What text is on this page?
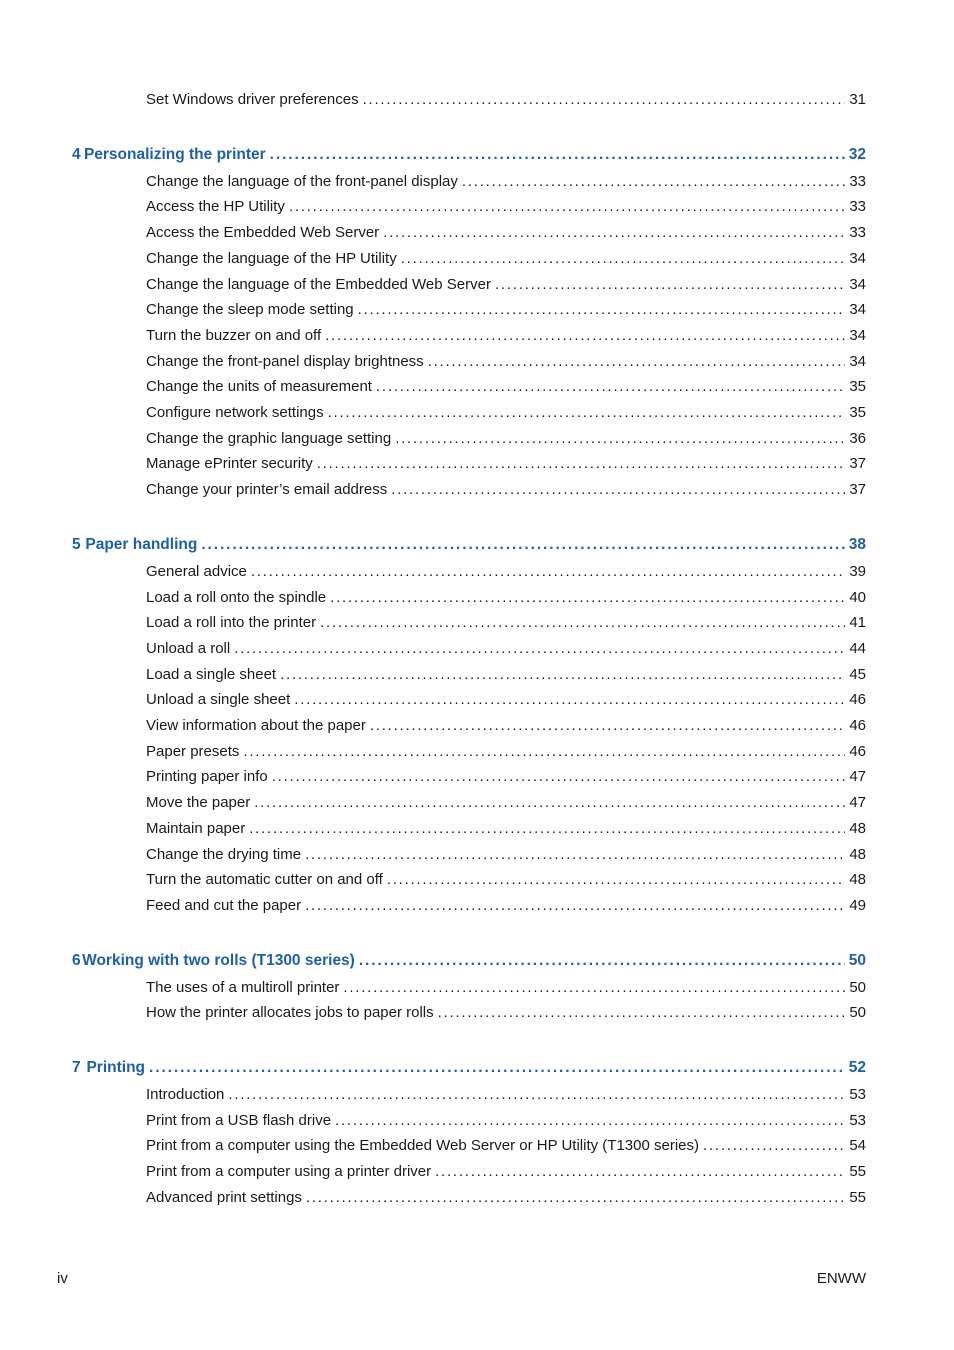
Set Windows driver preferences . . .	31
4 Personalizing the printer . . .	32
Change the language of the front-panel display . . .	33
Access the HP Utility . . .	33
Access the Embedded Web Server . . .	33
Change the language of the HP Utility . . .	34
Change the language of the Embedded Web Server . . .	34
Change the sleep mode setting . . .	34
Turn the buzzer on and off . . .	34
Change the front-panel display brightness . . .	34
Change the units of measurement . . .	35
Configure network settings . . .	35
Change the graphic language setting . . .	36
Manage ePrinter security . . .	37
Change your printer’s email address . . .	37
5 Paper handling . . .	38
General advice . . .	39
Load a roll onto the spindle . . .	40
Load a roll into the printer . . .	41
Unload a roll . . .	44
Load a single sheet . . .	45
Unload a single sheet . . .	46
View information about the paper . . .	46
Paper presets . . .	46
Printing paper info . . .	47
Move the paper . . .	47
Maintain paper . . .	48
Change the drying time . . .	48
Turn the automatic cutter on and off . . .	48
Feed and cut the paper . . .	49
6 Working with two rolls (T1300 series) . . .	50
The uses of a multiroll printer . . .	50
How the printer allocates jobs to paper rolls . . .	50
7 Printing . . .	52
Introduction . . .	53
Print from a USB flash drive . . .	53
Print from a computer using the Embedded Web Server or HP Utility (T1300 series) . . .	54
Print from a computer using a printer driver . . .	55
Advanced print settings . . .	55
iv	ENWW
